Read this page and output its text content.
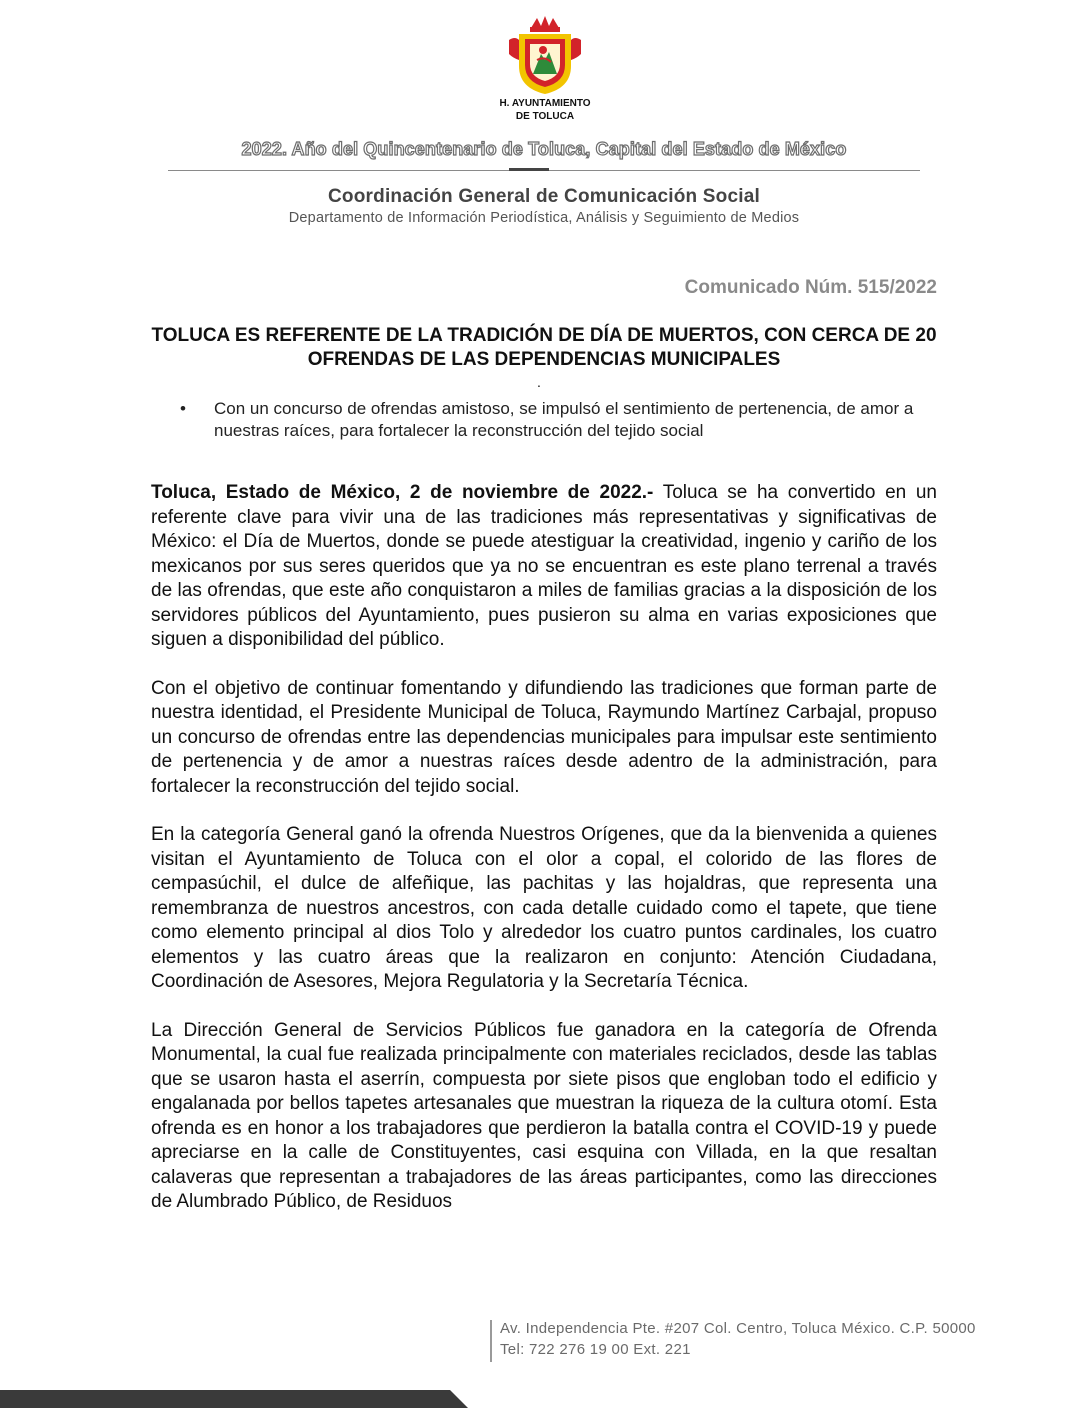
H. AYUNTAMIENTO
DE TOLUCA
2022. Año del Quincentenario de Toluca, Capital del Estado de México
Coordinación General de Comunicación Social
Departamento de Información Periodística, Análisis y Seguimiento de Medios
Comunicado Núm. 515/2022
TOLUCA ES REFERENTE DE LA TRADICIÓN DE DÍA DE MUERTOS, CON CERCA DE 20 OFRENDAS DE LAS DEPENDENCIAS MUNICIPALES
.
• Con un concurso de ofrendas amistoso, se impulsó el sentimiento de pertenencia, de amor a nuestras raíces, para fortalecer la reconstrucción del tejido social

Toluca, Estado de México, 2 de noviembre de 2022.- Toluca se ha convertido en un referente clave para vivir una de las tradiciones más representativas y significativas de México: el Día de Muertos, donde se puede atestiguar la creatividad, ingenio y cariño de los mexicanos por sus seres queridos que ya no se encuentran es este plano terrenal a través de las ofrendas, que este año conquistaron a miles de familias gracias a la disposición de los servidores públicos del Ayuntamiento, pues pusieron su alma en varias exposiciones que siguen a disponibilidad del público.

Con el objetivo de continuar fomentando y difundiendo las tradiciones que forman parte de nuestra identidad, el Presidente Municipal de Toluca, Raymundo Martínez Carbajal, propuso un concurso de ofrendas entre las dependencias municipales para impulsar este sentimiento de pertenencia y de amor a nuestras raíces desde adentro de la administración, para fortalecer la reconstrucción del tejido social.

En la categoría General ganó la ofrenda Nuestros Orígenes, que da la bienvenida a quienes visitan el Ayuntamiento de Toluca con el olor a copal, el colorido de las flores de cempasúchil, el dulce de alfeñique, las pachitas y las hojaldras, que representa una remembranza de nuestros ancestros, con cada detalle cuidado como el tapete, que tiene como elemento principal al dios Tolo y alrededor los cuatro puntos cardinales, los cuatro elementos y las cuatro áreas que la realizaron en conjunto: Atención Ciudadana, Coordinación de Asesores, Mejora Regulatoria y la Secretaría Técnica.

La Dirección General de Servicios Públicos fue ganadora en la categoría de Ofrenda Monumental, la cual fue realizada principalmente con materiales reciclados, desde las tablas que se usaron hasta el aserrín, compuesta por siete pisos que engloban todo el edificio y engalanada por bellos tapetes artesanales que muestran la riqueza de la cultura otomí. Esta ofrenda es en honor a los trabajadores que perdieron la batalla contra el COVID-19 y puede apreciarse en la calle de Constituyentes, casi esquina con Villada, en la que resaltan calaveras que representan a trabajadores de las áreas participantes, como las direcciones de Alumbrado Público, de Residuos

Av. Independencia Pte. #207 Col. Centro, Toluca México. C.P. 50000
Tel: 722 276 19 00 Ext. 221
